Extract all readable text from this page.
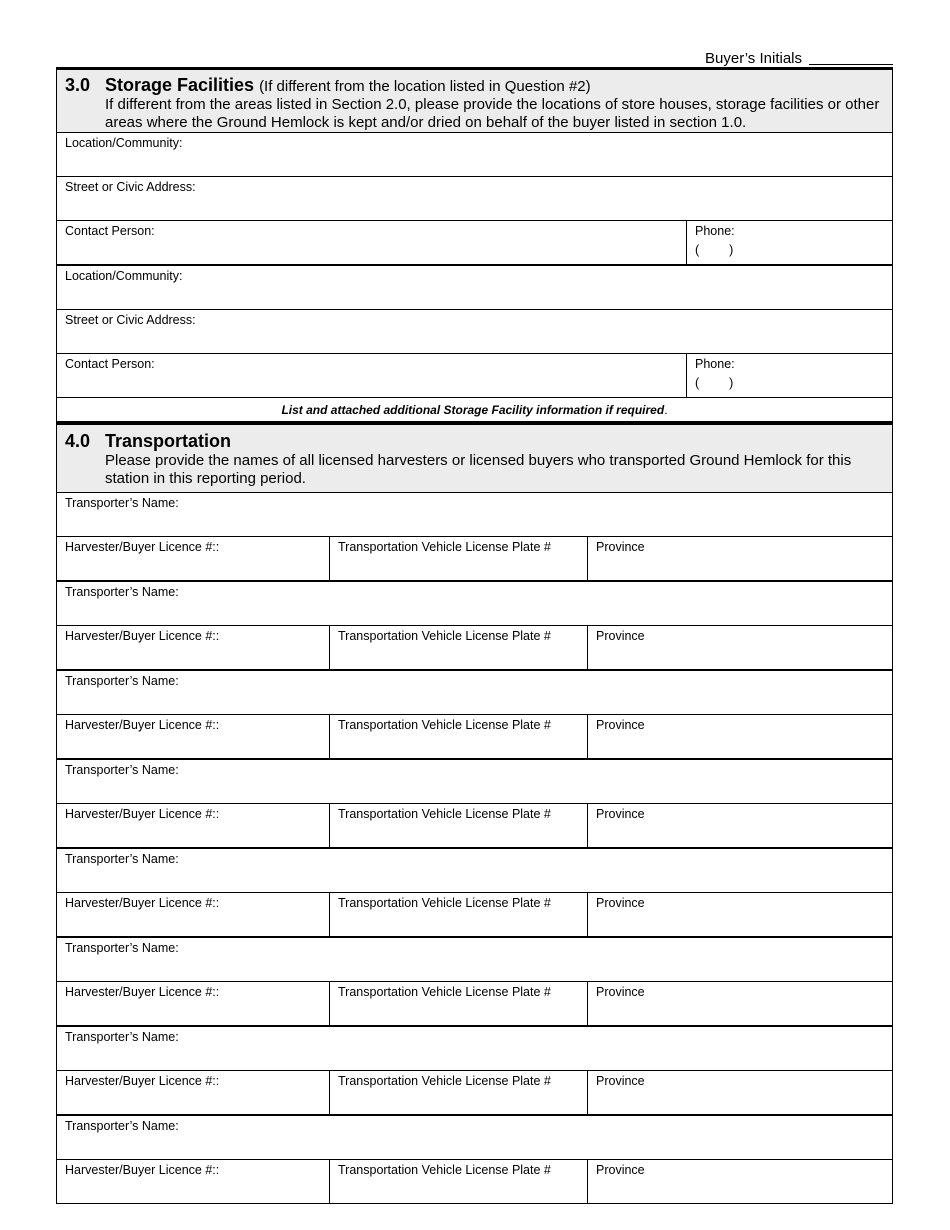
Buyer’s Initials
3.0 Storage Facilities (If different from the location listed in Question #2)
If different from the areas listed in Section 2.0, please provide the locations of store houses, storage facilities or other areas where the Ground Hemlock is kept and/or dried on behalf of the buyer listed in section 1.0.
Location/Community:
Street or Civic Address:
Contact Person:	Phone:
( )
Location/Community:
Street or Civic Address:
Contact Person:	Phone:
( )
List and attached additional Storage Facility information if required.
4.0 Transportation
Please provide the names of all licensed harvesters or licensed buyers who transported Ground Hemlock for this station in this reporting period.
Transporter’s Name:
Harvester/Buyer Licence #::	Transportation Vehicle License Plate #	Province
Transporter’s Name:
Harvester/Buyer Licence #::	Transportation Vehicle License Plate #	Province
Transporter’s Name:
Harvester/Buyer Licence #::	Transportation Vehicle License Plate #	Province
Transporter’s Name:
Harvester/Buyer Licence #::	Transportation Vehicle License Plate #	Province
Transporter’s Name:
Harvester/Buyer Licence #::	Transportation Vehicle License Plate #	Province
Transporter’s Name:
Harvester/Buyer Licence #::	Transportation Vehicle License Plate #	Province
Transporter’s Name:
Harvester/Buyer Licence #::	Transportation Vehicle License Plate #	Province
Transporter’s Name:
Harvester/Buyer Licence #::	Transportation Vehicle License Plate #	Province
